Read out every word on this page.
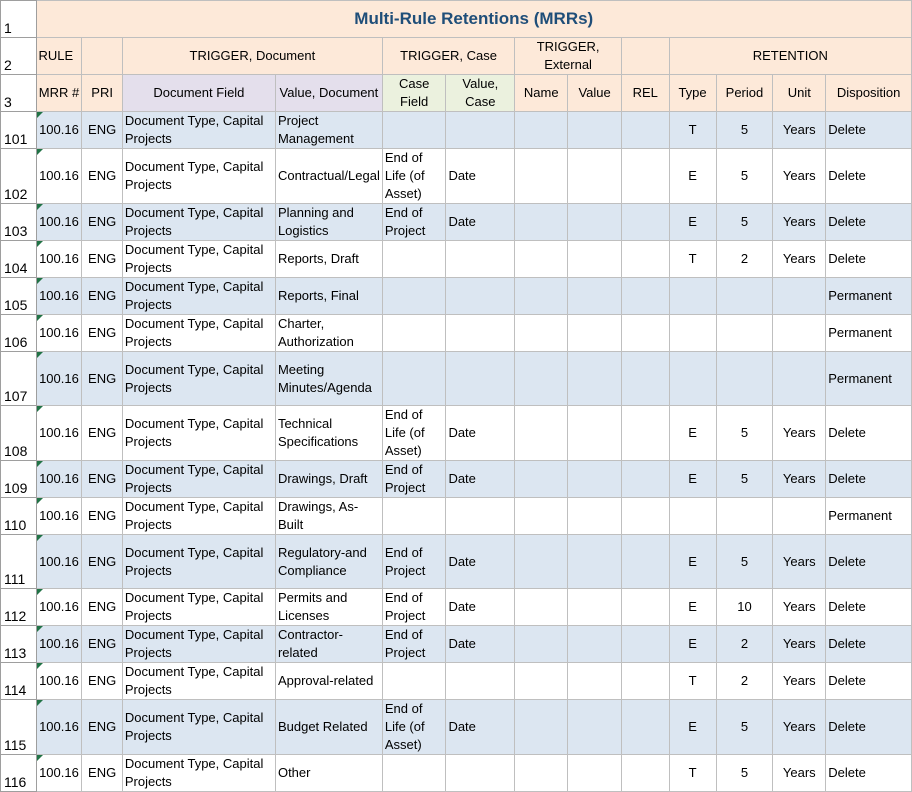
1	Multi-Rule Retentions (MRRs)												
2	RULE		TRIGGER, Document		TRIGGER, Case		TRIGGER, External			RETENTION			
3	MRR #	PRI	Document Field	Value, Document	Case Field	Value, Case	Name	Value	REL	Type	Period	Unit	Disposition
101	100.16	ENG	Document Type, Capital Projects	Project Management						T	5	Years	Delete
102	100.16	ENG	Document Type, Capital Projects	Contractual/Legal	End of Life (of Asset)	Date				E	5	Years	Delete
103	100.16	ENG	Document Type, Capital Projects	Planning and Logistics	End of Project	Date				E	5	Years	Delete
104	100.16	ENG	Document Type, Capital Projects	Reports, Draft						T	2	Years	Delete
105	100.16	ENG	Document Type, Capital Projects	Reports, Final									Permanent
106	100.16	ENG	Document Type, Capital Projects	Charter, Authorization									Permanent
107	100.16	ENG	Document Type, Capital Projects	Meeting Minutes/Agenda									Permanent
108	100.16	ENG	Document Type, Capital Projects	Technical Specifications	End of Life (of Asset)	Date				E	5	Years	Delete
109	100.16	ENG	Document Type, Capital Projects	Drawings, Draft	End of Project	Date				E	5	Years	Delete
110	100.16	ENG	Document Type, Capital Projects	Drawings, As-Built									Permanent
111	100.16	ENG	Document Type, Capital Projects	Regulatory-and Compliance	End of Project	Date				E	5	Years	Delete
112	100.16	ENG	Document Type, Capital Projects	Permits and Licenses	End of Project	Date				E	10	Years	Delete
113	100.16	ENG	Document Type, Capital Projects	Contractor-related	End of Project	Date				E	2	Years	Delete
114	100.16	ENG	Document Type, Capital Projects	Approval-related						T	2	Years	Delete
115	100.16	ENG	Document Type, Capital Projects	Budget Related	End of Life (of Asset)	Date				E	5	Years	Delete
116	100.16	ENG	Document Type, Capital Projects	Other						T	5	Years	Delete
